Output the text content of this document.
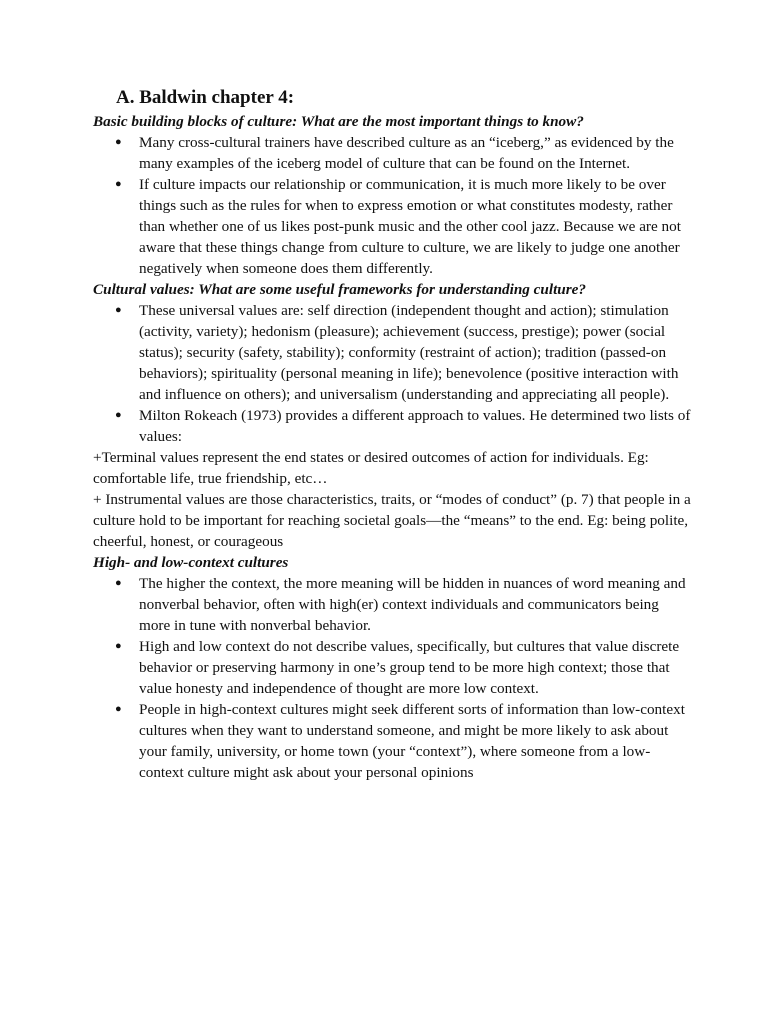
A. Baldwin chapter 4:

Basic building blocks of culture: What are the most important things to know?

● Many cross-cultural trainers have described culture as an “iceberg,” as evidenced by the many examples of the iceberg model of culture that can be found on the Internet.
● If culture impacts our relationship or communication, it is much more likely to be over things such as the rules for when to express emotion or what constitutes modesty, rather than whether one of us likes post-punk music and the other cool jazz. Because we are not aware that these things change from culture to culture, we are likely to judge one another negatively when someone does them differently.

Cultural values: What are some useful frameworks for understanding culture?

● These universal values are: self direction (independent thought and action); stimulation (activity, variety); hedonism (pleasure); achievement (success, prestige); power (social status); security (safety, stability); conformity (restraint of action); tradition (passed-on behaviors); spirituality (personal meaning in life); benevolence (positive interaction with and influence on others); and universalism (understanding and appreciating all people).
● Milton Rokeach (1973) provides a different approach to values. He determined two lists of values:

+Terminal values represent the end states or desired outcomes of action for individuals. Eg: comfortable life, true friendship, etc…

+ Instrumental values are those characteristics, traits, or “modes of conduct” (p. 7) that people in a culture hold to be important for reaching societal goals—the “means” to the end. Eg: being polite, cheerful, honest, or courageous

High- and low-context cultures

● The higher the context, the more meaning will be hidden in nuances of word meaning and nonverbal behavior, often with high(er) context individuals and communicators being more in tune with nonverbal behavior.
● High and low context do not describe values, specifically, but cultures that value discrete behavior or preserving harmony in one’s group tend to be more high context; those that value honesty and independence of thought are more low context.
● People in high-context cultures might seek different sorts of information than low-context cultures when they want to understand someone, and might be more likely to ask about your family, university, or home town (your “context”), where someone from a low-context culture might ask about your personal opinions
